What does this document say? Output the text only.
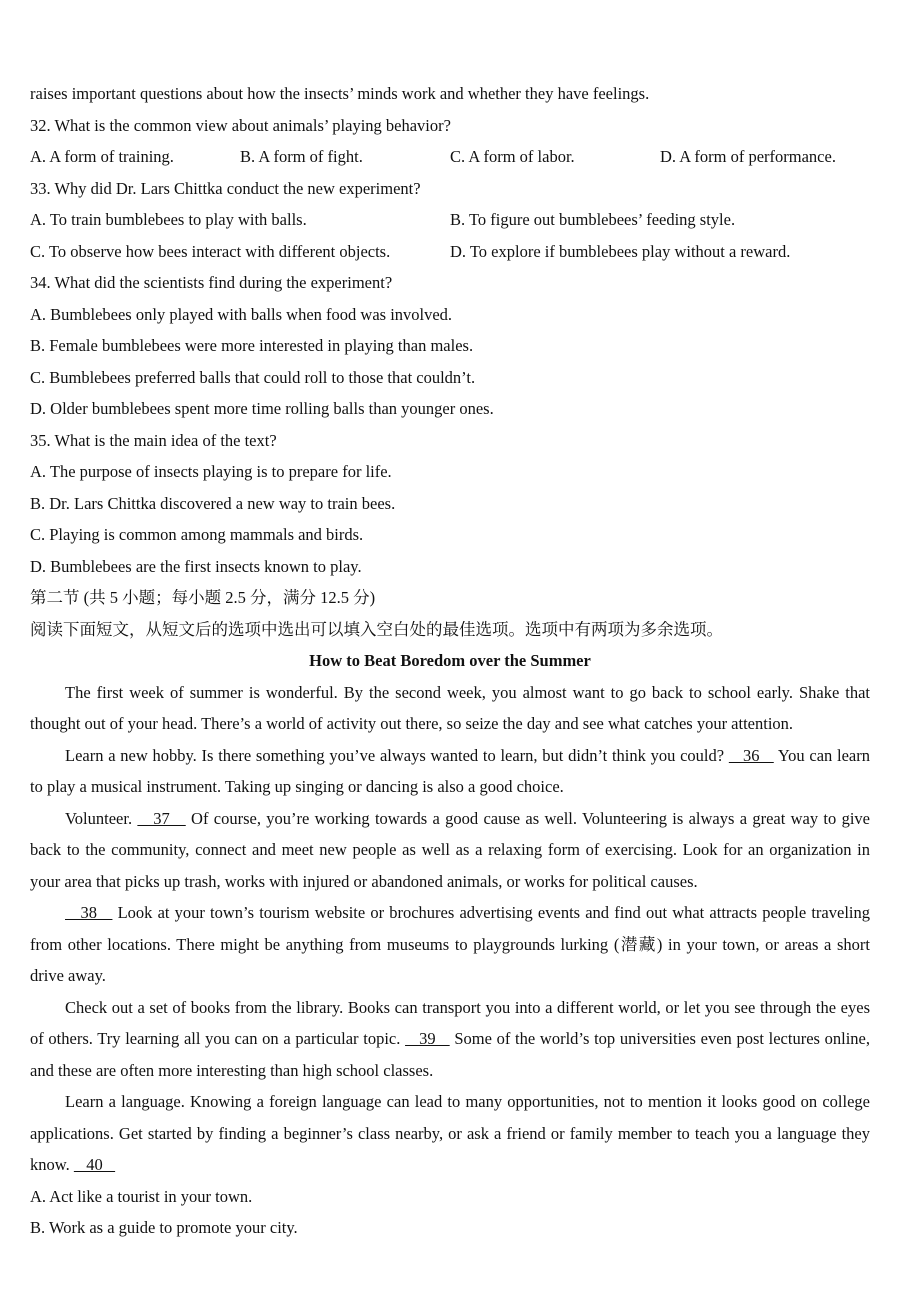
raises important questions about how the insects’ minds work and whether they have feelings.
32. What is the common view about animals’ playing behavior?
A. A form of training.	B. A form of fight.	C. A form of labor.	D. A form of performance.
33. Why did Dr. Lars Chittka conduct the new experiment?
A. To train bumblebees to play with balls.	B. To figure out bumblebees’ feeding style.
C. To observe how bees interact with different objects.	D. To explore if bumblebees play without a reward.
34. What did the scientists find during the experiment?
A. Bumblebees only played with balls when food was involved.
B. Female bumblebees were more interested in playing than males.
C. Bumblebees preferred balls that could roll to those that couldn’t.
D. Older bumblebees spent more time rolling balls than younger ones.
35. What is the main idea of the text?
A. The purpose of insects playing is to prepare for life.
B. Dr. Lars Chittka discovered a new way to train bees.
C. Playing is common among mammals and birds.
D. Bumblebees are the first insects known to play.
第二节 (共 5 小题；每小题 2.5 分，满分 12.5 分)
阅读下面短文，从短文后的选项中选出可以填入空白处的最佳选项。选项中有两项为多余选项。
How to Beat Boredom over the Summer
The first week of summer is wonderful. By the second week, you almost want to go back to school early. Shake that thought out of your head. There’s a world of activity out there, so seize the day and see what catches your attention.
Learn a new hobby. Is there something you’ve always wanted to learn, but didn’t think you could?    36    You can learn to play a musical instrument. Taking up singing or dancing is also a good choice.
Volunteer.    37    Of course, you’re working towards a good cause as well. Volunteering is always a great way to give back to the community, connect and meet new people as well as a relaxing form of exercising. Look for an organization in your area that picks up trash, works with injured or abandoned animals, or works for political causes.
38    Look at your town’s tourism website or brochures advertising events and find out what attracts people traveling from other locations. There might be anything from museums to playgrounds lurking (潜藏) in your town, or areas a short drive away.
Check out a set of books from the library. Books can transport you into a different world, or let you see through the eyes of others. Try learning all you can on a particular topic.    39    Some of the world’s top universities even post lectures online, and these are often more interesting than high school classes.
Learn a language. Knowing a foreign language can lead to many opportunities, not to mention it looks good on college applications. Get started by finding a beginner’s class nearby, or ask a friend or family member to teach you a language they know.    40
A. Act like a tourist in your town.
B. Work as a guide to promote your city.
